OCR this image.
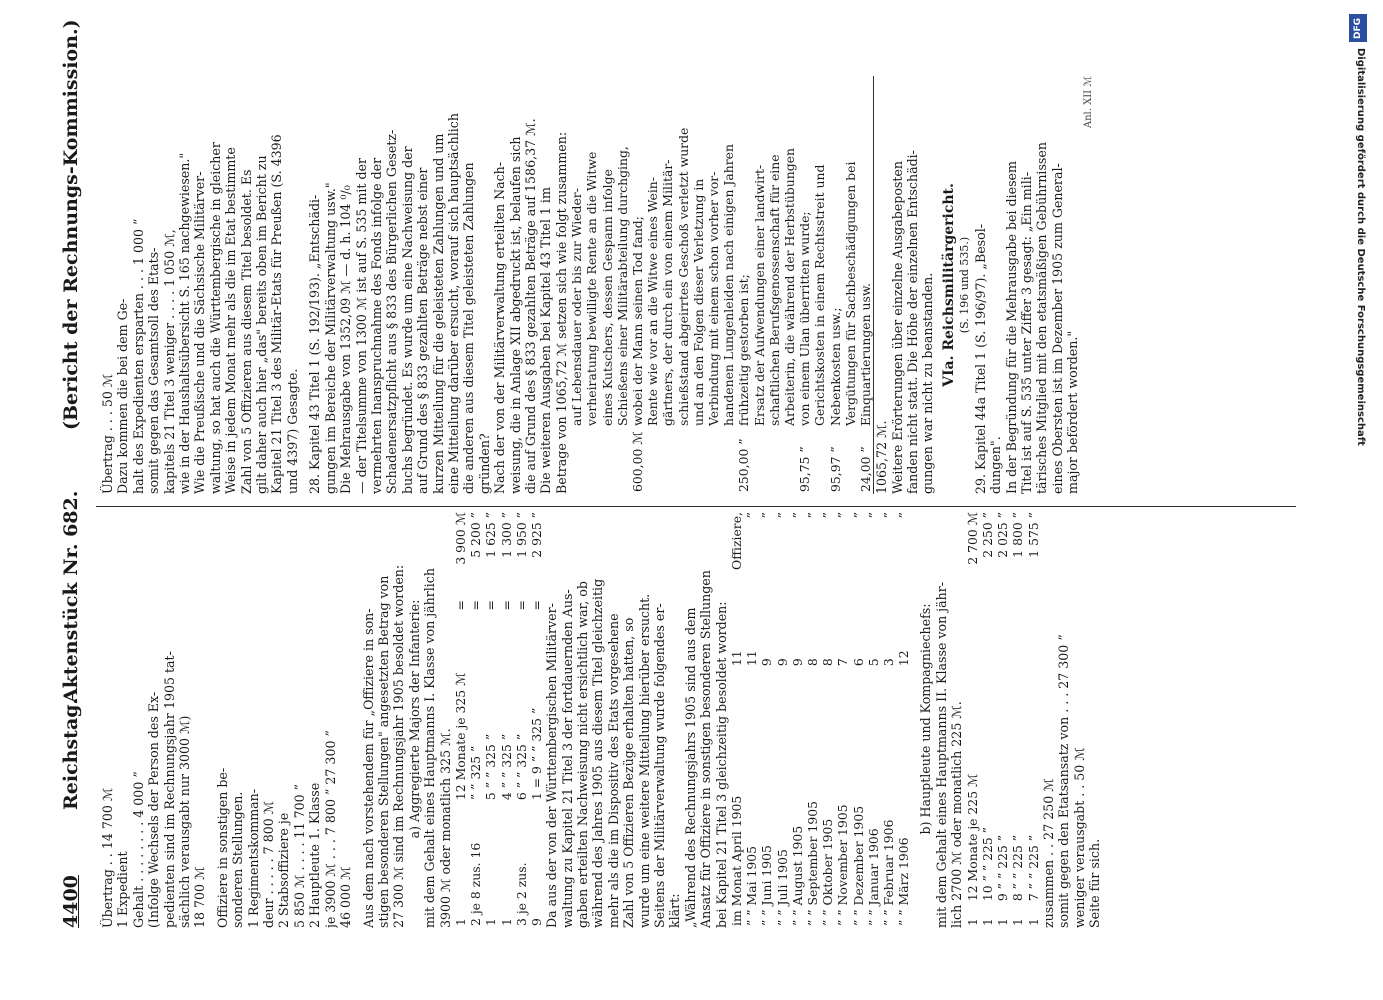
4400
Reichstag.
Aktenstück Nr. 682.
(Bericht der Rechnungs-Kommission.)
Übertrag . . 14 700 ℳ 1 Expedient Gehalt . . . . . . . . 4 000 ” (Infolge Wechsels der Person des Ex- pedienten sind im Rechnungsjahr 1905 tat- sächlich verausgabt nur 3000 ℳ) 18 700 ℳ Offiziere in sonstigen be- sonderen Stellungen. 1 Regimentskomman- deur . . . . . 7 800 ℳ 2 Stabsoffiziere je 5 850 ℳ . . . . 11 700 ” 2 Hauptleute 1. Klasse je 3900 ℳ . . . 7 800 ” 27 300 ” 46 000 ℳ Aus dem nach vorstehendem für „Offiziere in son- stigen besonderen Stellungen" angesetzten Betrag von 27 300 ℳ sind im Rechnungsjahr 1905 besoldet worden: a) Aggregierte Majors der Infanterie: mit dem Gehalt eines Hauptmanns I. Klasse von jährlich 3900 ℳ oder monatlich 325 ℳ. 1	12 Monate je 325 ℳ	=	3 900 ℳ
2 je 8 zus. 16	” ” 325 ”	=	5 200 ”
1	5 ” ” 325 ”	=	1 625 ”
1	4 ” ” 325 ”	=	1 300 ”
3 je 2 zus.	6 ” ” 325 ”	=	1 950 ”
9	1 = 9 ” ” 325 ”	=	2 925 ”
Da aus der von der Württembergischen Militärver- waltung zu Kapitel 21 Titel 3 der fortdauernden Aus- gaben erteilten Nachweisung nicht ersichtlich war, ob während des Jahres 1905 aus diesem Titel gleichzeitig mehr als die im Dispositiv des Etats vorgesehene Zahl von 5 Offizieren Bezüge erhalten hatten, so wurde um eine weitere Mitteilung hierüber ersucht. Seitens der Militärverwaltung wurde folgendes er- klärt: „Während des Rechnungsjahrs 1905 sind aus dem Ansatz für Offiziere in sonstigen besonderen Stellungen bei Kapitel 21 Titel 3 gleichzeitig besoldet worden: im Monat April 1905	11	Offiziere,
” ” Mai 1905	11	”
” ” Juni 1905	9	”
” ” Juli 1905	9	”
” ” August 1905	9	”
” ” September 1905	8	”
” ” Oktober 1905	8	”
” ” November 1905	7	”
” ” Dezember 1905	6	”
” ” Januar 1906	5	”
” ” Februar 1906	3	”
” ” März 1906	12	”
b) Hauptleute und Kompagniechefs: mit dem Gehalt eines Hauptmanns II. Klasse von jähr- lich 2700 ℳ oder monatlich 225 ℳ. 1	12 Monate je 225 ℳ	2 700 ℳ
1	10 ” ” 225 ”	2 250 ”
1	9 ” ” 225 ”	2 025 ”
1	8 ” ” 225 ”	1 800 ”
1	7 ” ” 225 ”	1 575 ”
zusammen . . 27 250 ℳ somit gegen den Etatsansatz von . . . 27 300 ” weniger verausgabt . . 50 ℳ Seite für sich.
Übertrag . . . 50 ℳ Dazu kommen die bei dem Ge- halt des Expedienten ersparten . . . 1 000 ” somit gegen das Gesamtsoll des Etats- kapitels 21 Titel 3 weniger . . . . 1 050 ℳ, wie in der Haushaltsübersicht S. 165 nachgewiesen." Wie die Preußische und die Sächsische Militärver- waltung, so hat auch die Württembergische in gleicher Weise in jedem Monat mehr als die im Etat bestimmte Zahl von 5 Offizieren aus diesem Titel besoldet. Es gilt daher auch hier „das" bereits oben im Bericht zu Kapitel 21 Titel 3 des Militär-Etats für Preußen (S. 4396 und 4397) Gesagte. 28. Kapitel 43 Titel 1 (S. 192/193). „Entschädi- gungen im Bereiche der Militärverwaltung usw." Die Mehrausgabe von 1352,09 ℳ — d. h. 104 ⁰/₀ — der Titelsumme von 1300 ℳ ist auf S. 535 mit der vermehrten Inanspruchnahme des Fonds infolge der Schadenersatzpflicht aus § 833 des Bürgerlichen Gesetz- buchs begründet. Es wurde um eine Nachweisung der auf Grund des § 833 gezahlten Beträge nebst einer kurzen Mitteilung für die geleisteten Zahlungen und um eine Mitteilung darüber ersucht, worauf sich hauptsächlich die anderen aus diesem Titel geleisteten Zahlungen gründen? Nach der von der Militärverwaltung erteilten Nach- weisung, die in Anlage XII abgedruckt ist, belaufen sich die auf Grund des § 833 gezahlten Beträge auf 1586,37 ℳ. Die weiteren Ausgaben bei Kapitel 43 Titel 1 im Betrage von 1065,72 ℳ setzen sich wie folgt zusammen:
	auf Lebensdauer oder bis zur Wieder-
	verheiratung bewilligte Rente an die Witwe
	eines Kutschers, dessen Gespann infolge
	Schießens einer Militärabteilung durchging,
600,00 ℳ	wobei der Mann seinen Tod fand;
	Rente wie vor an die Witwe eines Wein-
	gärtners, der durch ein von einem Militär-
	schießstand abgeirrtes Geschoß verletzt wurde
	und an den Folgen dieser Verletzung in
	Verbindung mit einem schon vorher vor-
	handenen Lungenleiden nach einigen Jahren
250,00 ”	frühzeitig gestorben ist;
	Ersatz der Aufwendungen einer landwirt-
	schaftlichen Berufsgenossenschaft für eine
	Arbeiterin, die während der Herbstübungen
95,75 ”	von einem Ulan überritten wurde;
	Gerichtskosten in einem Rechtsstreit und
95,97 ”	Nebenkosten usw.;
	Vergütungen für Sachbeschädigungen bei
24,00 ”	Einquartierungen usw.
1065,72 ℳ. Weitere Erörterungen über einzelne Ausgabeposten fanden nicht statt. Die Höhe der einzelnen Entschädi- gungen war nicht zu beanstanden. VIa. Reichsmilitärgericht. (S. 196 und 535.) 29. Kapitel 44a Titel 1 (S. 196/97). „Besol- dungen". In der Begründung für die Mehrausgabe bei diesem Titel ist auf S. 535 unter Ziffer 3 gesagt: „Ein mili- tärisches Mitglied mit den etatsmäßigen Gebührnissen eines Obersten ist im Dezember 1905 zum General- major befördert worden."
Anl. XII ℳ
DFG
Digitalisierung gefördert durch die Deutsche Forschungsgemeinschaft
